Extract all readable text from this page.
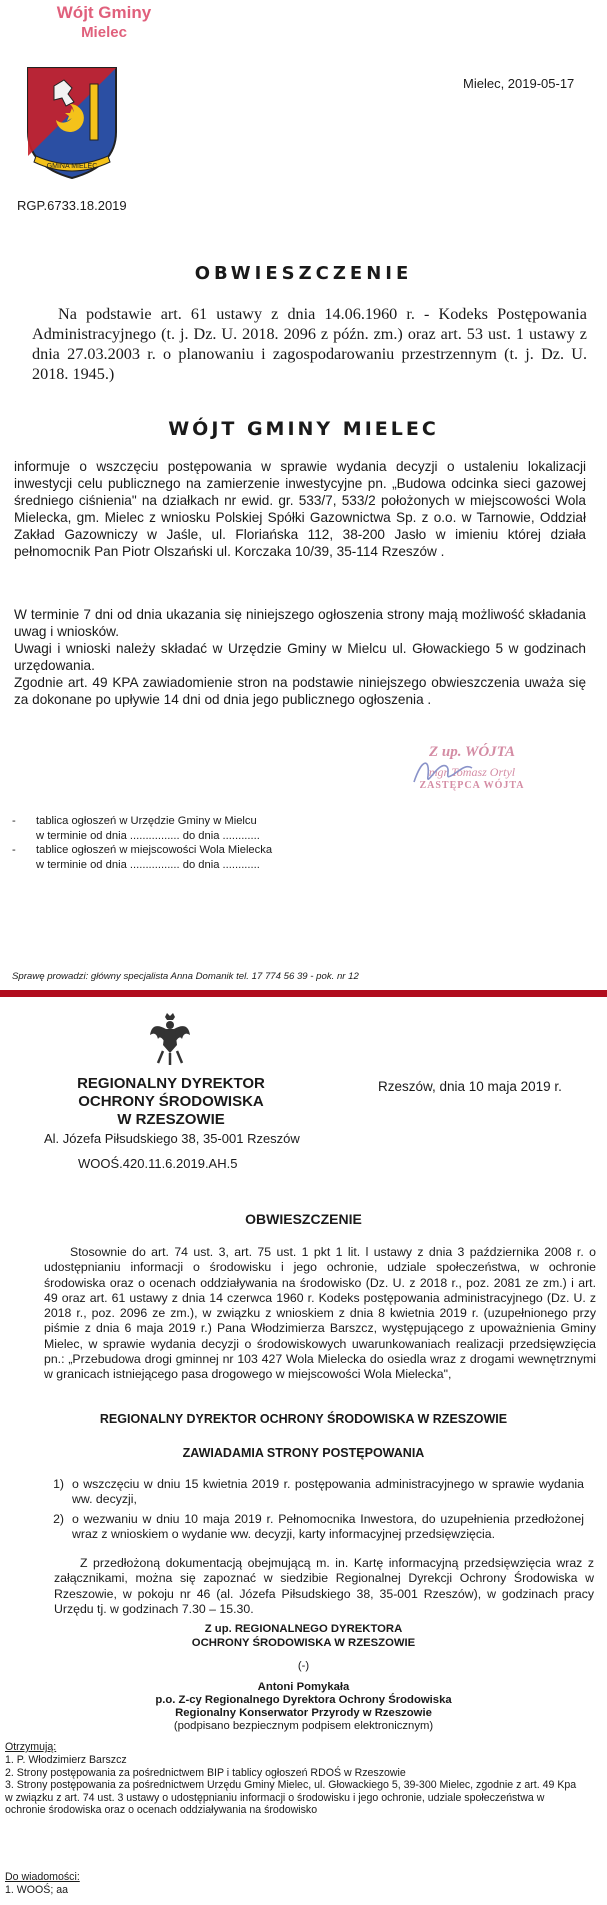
Wójt Gminy
Mielec
GMINA MIELEC
Mielec, 2019-05-17
RGP.6733.18.2019
OBWIESZCZENIE
Na podstawie art. 61 ustawy z dnia 14.06.1960 r. - Kodeks Postępowania Administracyjnego (t. j. Dz. U. 2018. 2096 z późn. zm.) oraz art. 53 ust. 1 ustawy z dnia 27.03.2003 r. o planowaniu i zagospodarowaniu przestrzennym (t. j. Dz. U. 2018. 1945.)
WÓJT GMINY MIELEC
informuje o wszczęciu postępowania w sprawie wydania decyzji o ustaleniu lokalizacji inwestycji celu publicznego na zamierzenie inwestycyjne pn. „Budowa odcinka sieci gazowej średniego ciśnienia" na działkach nr ewid. gr. 533/7, 533/2 położonych w miejscowości Wola Mielecka, gm. Mielec z wniosku Polskiej Spółki Gazownictwa Sp. z o.o. w Tarnowie, Oddział Zakład Gazowniczy w Jaśle, ul. Floriańska 112, 38-200 Jasło w imieniu której działa pełnomocnik Pan Piotr Olszański ul. Korczaka 10/39, 35-114 Rzeszów .
W terminie 7 dni od dnia ukazania się niniejszego ogłoszenia strony mają możliwość składania uwag i wniosków.
Uwagi i wnioski należy składać w Urzędzie Gminy w Mielcu ul. Głowackiego 5 w godzinach urzędowania.
Zgodnie art. 49 KPA zawiadomienie stron na podstawie niniejszego obwieszczenia uważa się za dokonane po upływie 14 dni od dnia jego publicznego ogłoszenia .
Z up. WÓJTA
mgr Tomasz Ortyl
ZASTĘPCA WÓJTA
-	tablica ogłoszeń w Urzędzie Gminy w Mielcu
w terminie od dnia ................ do dnia ............
-	tablice ogłoszeń w miejscowości Wola Mielecka
w terminie od dnia ................ do dnia ............
Sprawę prowadzi: główny specjalista Anna Domanik tel. 17 774 56 39 - pok. nr 12
REGIONALNY DYREKTOR
OCHRONY ŚRODOWISKA
W RZESZOWIE
Rzeszów, dnia 10 maja 2019 r.
Al. Józefa Piłsudskiego 38, 35-001 Rzeszów
WOOŚ.420.11.6.2019.AH.5
OBWIESZCZENIE
Stosownie do art. 74 ust. 3, art. 75 ust. 1 pkt 1 lit. l ustawy z dnia 3 października 2008 r. o udostępnianiu informacji o środowisku i jego ochronie, udziale społeczeństwa, w ochronie środowiska oraz o ocenach oddziaływania na środowisko (Dz. U. z 2018 r., poz. 2081 ze zm.) i art. 49 oraz art. 61 ustawy z dnia 14 czerwca 1960 r. Kodeks postępowania administracyjnego (Dz. U. z 2018 r., poz. 2096 ze zm.), w związku z wnioskiem z dnia 8 kwietnia 2019 r. (uzupełnionego przy piśmie z dnia 6 maja 2019 r.) Pana Włodzimierza Barszcz, występującego z upoważnienia Gminy Mielec, w sprawie wydania decyzji o środowiskowych uwarunkowaniach realizacji przedsięwzięcia pn.: „Przebudowa drogi gminnej nr 103 427 Wola Mielecka do osiedla wraz z drogami wewnętrznymi w granicach istniejącego pasa drogowego w miejscowości Wola Mielecka",
REGIONALNY DYREKTOR OCHRONY ŚRODOWISKA W RZESZOWIE
ZAWIADAMIA STRONY POSTĘPOWANIA
1) o wszczęciu w dniu 15 kwietnia 2019 r. postępowania administracyjnego w sprawie wydania ww. decyzji,
2) o wezwaniu w dniu 10 maja 2019 r. Pełnomocnika Inwestora, do uzupełnienia przedłożonej wraz z wnioskiem o wydanie ww. decyzji, karty informacyjnej przedsięwzięcia.
Z przedłożoną dokumentacją obejmującą m. in. Kartę informacyjną przedsięwzięcia wraz z załącznikami, można się zapoznać w siedzibie Regionalnej Dyrekcji Ochrony Środowiska w Rzeszowie, w pokoju nr 46 (al. Józefa Piłsudskiego 38, 35-001 Rzeszów), w godzinach pracy Urzędu tj. w godzinach 7.30 – 15.30.
Z up. REGIONALNEGO DYREKTORA
OCHRONY ŚRODOWISKA W RZESZOWIE
(-)
Antoni Pomykała
p.o. Z-cy Regionalnego Dyrektora Ochrony Środowiska
Regionalny Konserwator Przyrody w Rzeszowie
(podpisano bezpiecznym podpisem elektronicznym)
Otrzymują:
1. P. Włodzimierz Barszcz
2. Strony postępowania za pośrednictwem BIP i tablicy ogłoszeń RDOŚ w Rzeszowie
3. Strony postępowania za pośrednictwem Urzędu Gminy Mielec, ul. Głowackiego 5, 39-300 Mielec, zgodnie z art. 49 Kpa w związku z art. 74 ust. 3 ustawy o udostępnianiu informacji o środowisku i jego ochronie, udziale społeczeństwa w ochronie środowiska oraz o ocenach oddziaływania na środowisko
Do wiadomości:
1. WOOŚ; aa
